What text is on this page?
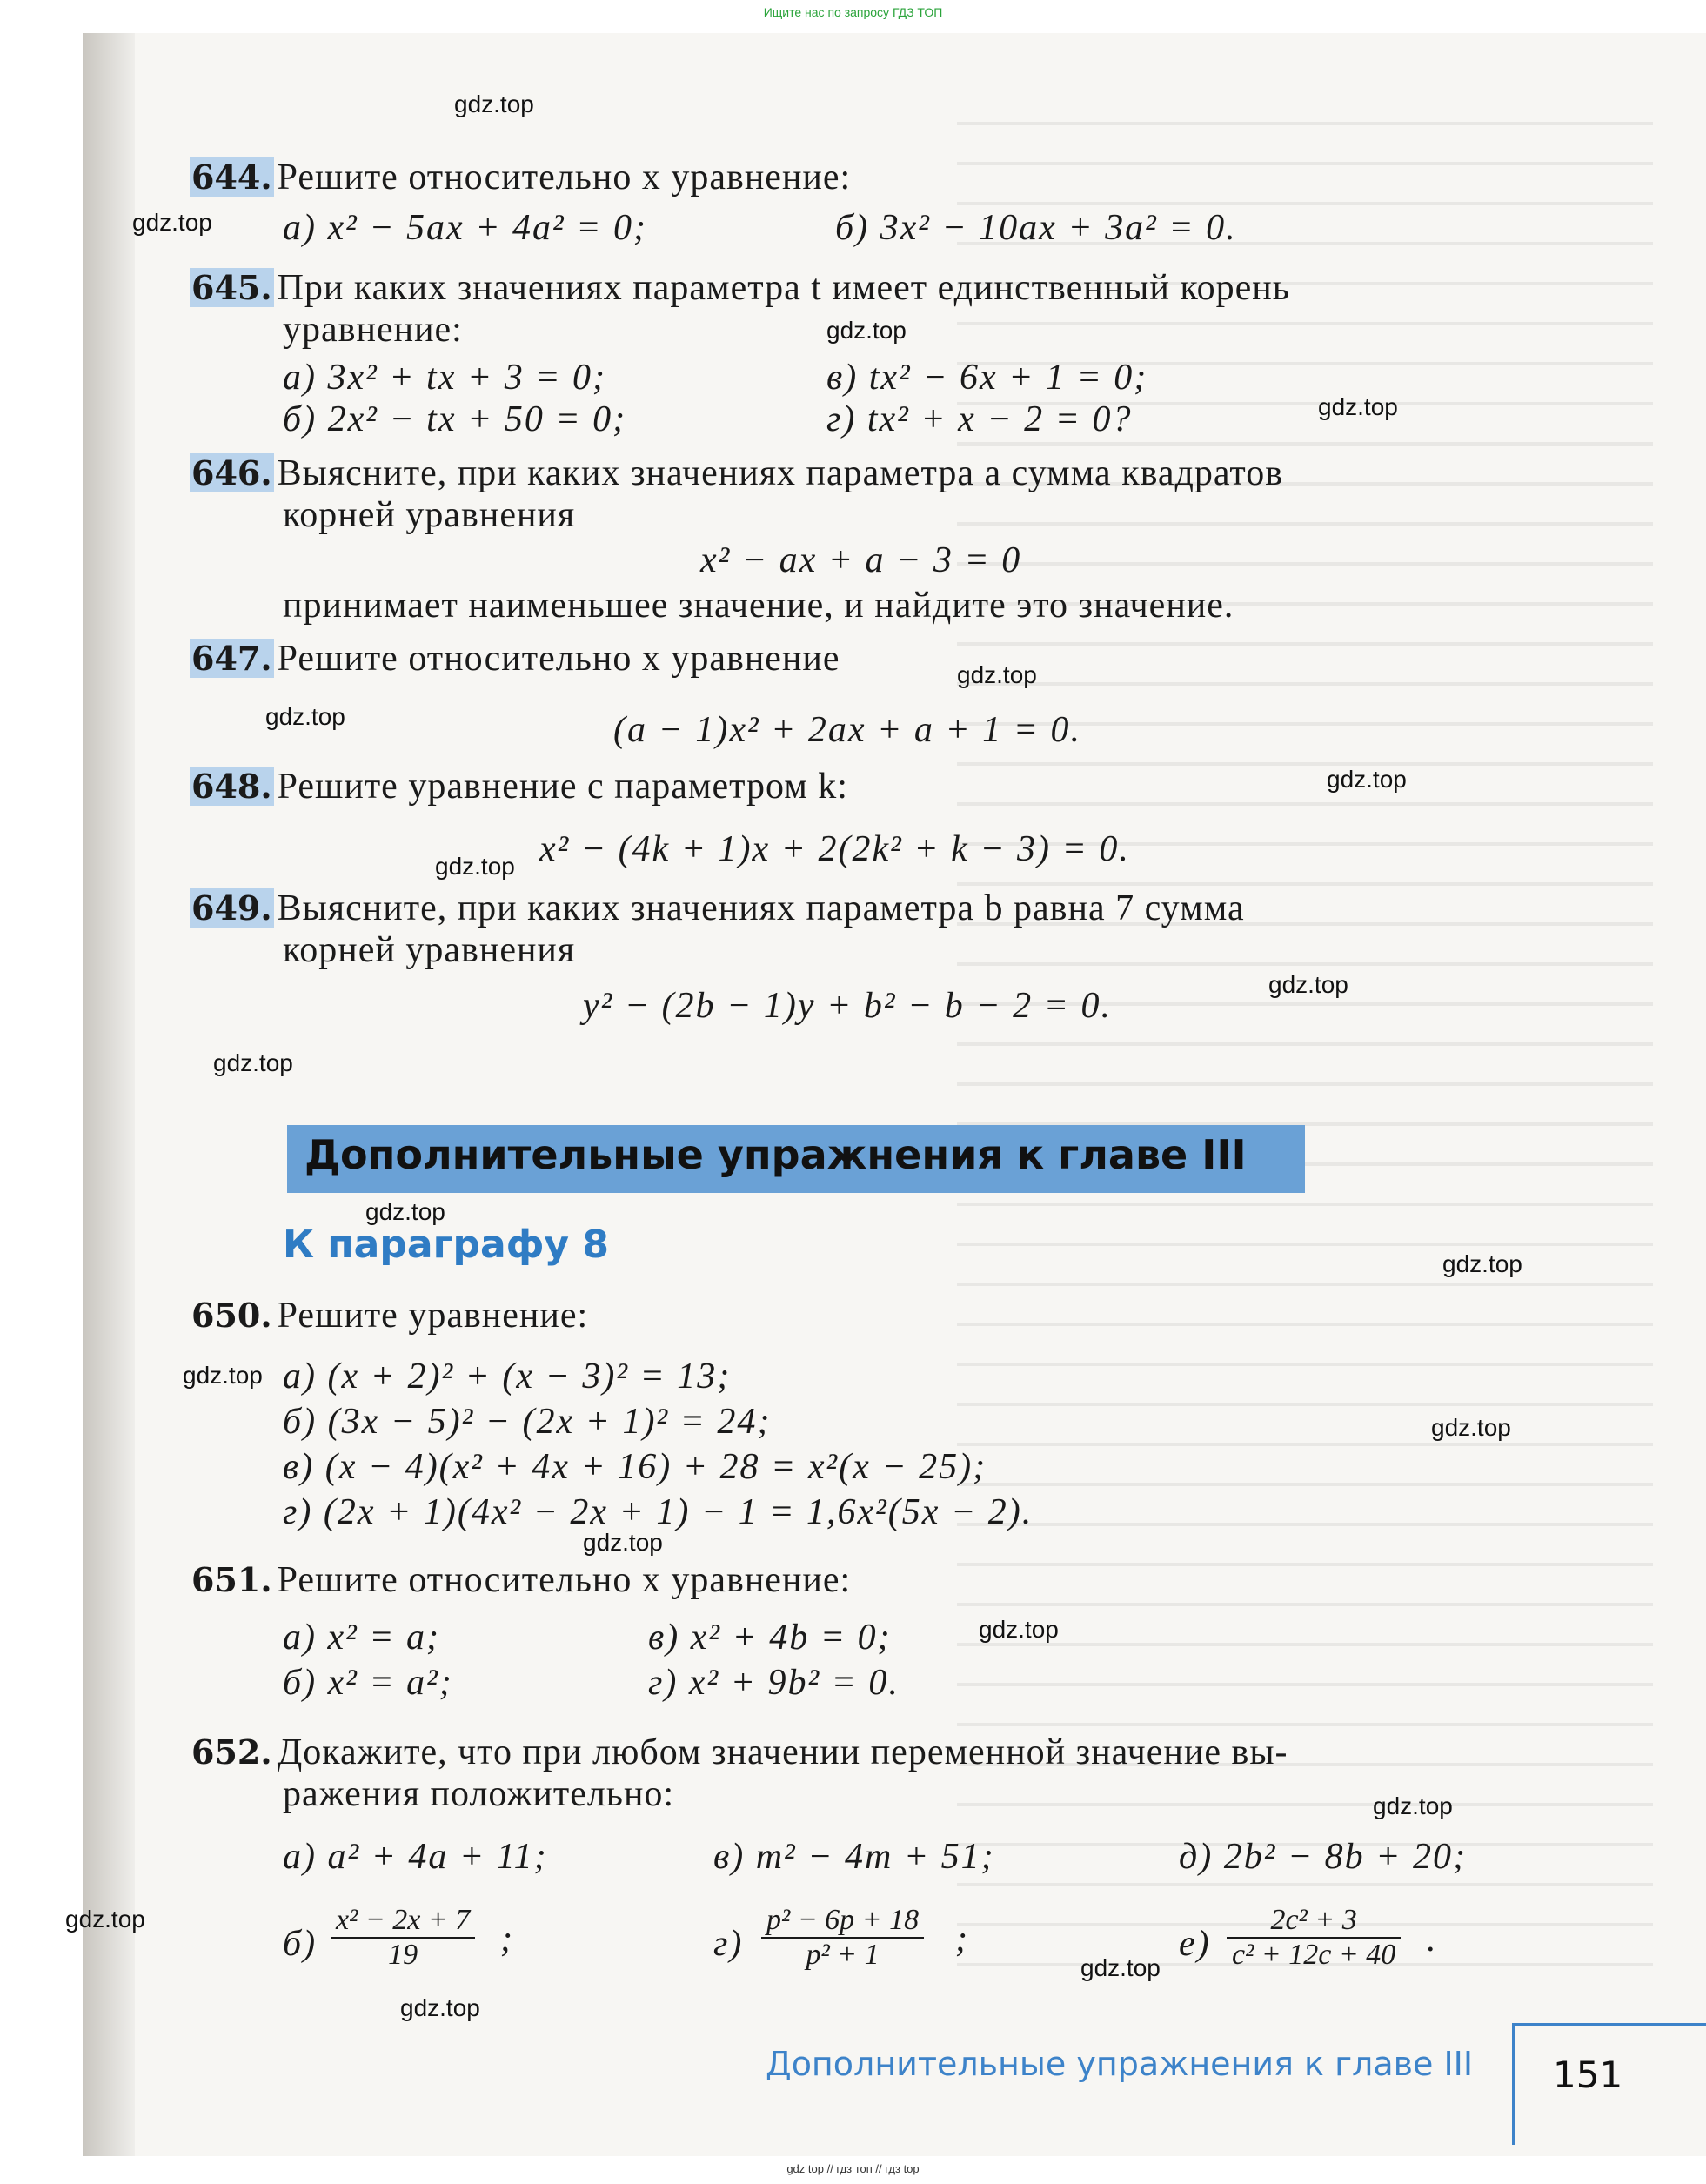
Ищите нас по запросу ГДЗ ТОП
644. Решите относительно x уравнение:
а) x² − 5ax + 4a² = 0;	б) 3x² − 10ax + 3a² = 0.
645. При каких значениях параметра t имеет единственный корень
уравнение:
а) 3x² + tx + 3 = 0;	в) tx² − 6x + 1 = 0;
б) 2x² − tx + 50 = 0;	г) tx² + x − 2 = 0?
646. Выясните, при каких значениях параметра a сумма квадратов
корней уравнения
x² − ax + a − 3 = 0
принимает наименьшее значение, и найдите это значение.
647. Решите относительно x уравнение
(a − 1)x² + 2ax + a + 1 = 0.
648. Решите уравнение с параметром k:
x² − (4k + 1)x + 2(2k² + k − 3) = 0.
649. Выясните, при каких значениях параметра b равна 7 сумма
корней уравнения
y² − (2b − 1)y + b² − b − 2 = 0.
Дополнительные упражнения к главе III
К параграфу 8
650. Решите уравнение:
а) (x + 2)² + (x − 3)² = 13;
б) (3x − 5)² − (2x + 1)² = 24;
в) (x − 4)(x² + 4x + 16) + 28 = x²(x − 25);
г) (2x + 1)(4x² − 2x + 1) − 1 = 1,6x²(5x − 2).
651. Решите относительно x уравнение:
а) x² = a;	в) x² + 4b = 0;
б) x² = a²;	г) x² + 9b² = 0.
652. Докажите, что при любом значении переменной значение вы-
ражения положительно:
а) a² + 4a + 11;	в) m² − 4m + 51;	д) 2b² − 8b + 20;
$б) \frac{\text{x² − 2x + 7}}{19}$ ;	$г) \frac{\text{p² − 6p + 18}}{\text{p² + 1}}$ ;	$е) \frac{\text{2c² + 3}}{\text{c² + 12c + 40}}$ .
Дополнительные упражнения к главе III 151
gdz.top
gdz.top
gdz.top
gdz.top
gdz.top
gdz.top
gdz.top
gdz.top
gdz.top
gdz.top
gdz.top
gdz.top
gdz.top
gdz.top
gdz.top
gdz.top
gdz.top
gdz.top
gdz.top
gdz.top
gdz top // гдз топ // гдз top
